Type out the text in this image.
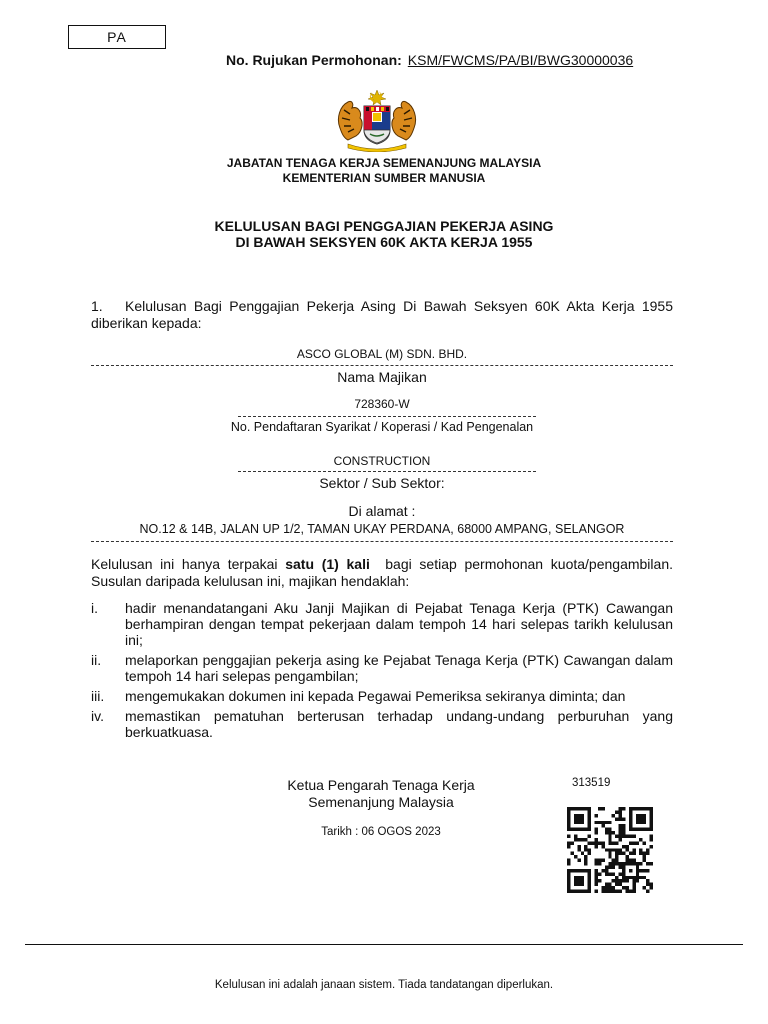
PA
No. Rujukan Permohonan: KSM/FWCMS/PA/BI/BWG30000036
JABATAN TENAGA KERJA SEMENANJUNG MALAYSIA
KEMENTERIAN SUMBER MANUSIA
KELULUSAN BAGI PENGGAJIAN PEKERJA ASING
DI BAWAH SEKSYEN 60K AKTA KERJA 1955
1. Kelulusan Bagi Penggajian Pekerja Asing Di Bawah Seksyen 60K Akta Kerja 1955
diberikan kepada:
ASCO GLOBAL (M) SDN. BHD.
Nama Majikan
728360-W
No. Pendaftaran Syarikat / Koperasi / Kad Pengenalan
CONSTRUCTION
Sektor / Sub Sektor:
Di alamat :
NO.12 & 14B, JALAN UP 1/2, TAMAN UKAY PERDANA, 68000 AMPANG, SELANGOR
Kelulusan ini hanya terpakai satu (1) kali  bagi setiap permohonan kuota/pengambilan.
Susulan daripada kelulusan ini, majikan hendaklah:
i.	hadir menandatangani Aku Janji Majikan di Pejabat Tenaga Kerja (PTK) Cawangan berhampiran dengan tempat pekerjaan dalam tempoh 14 hari selepas tarikh kelulusan ini;
ii.	melaporkan penggajian pekerja asing ke Pejabat Tenaga Kerja (PTK) Cawangan dalam tempoh 14 hari selepas pengambilan;
iii.	mengemukakan dokumen ini kepada Pegawai Pemeriksa sekiranya diminta; dan
iv.	memastikan pematuhan berterusan terhadap undang-undang perburuhan yang berkuatkuasa.
Ketua Pengarah Tenaga Kerja
Semenanjung Malaysia
Tarikh : 06 OGOS 2023
313519
Kelulusan ini adalah janaan sistem. Tiada tandatangan diperlukan.
